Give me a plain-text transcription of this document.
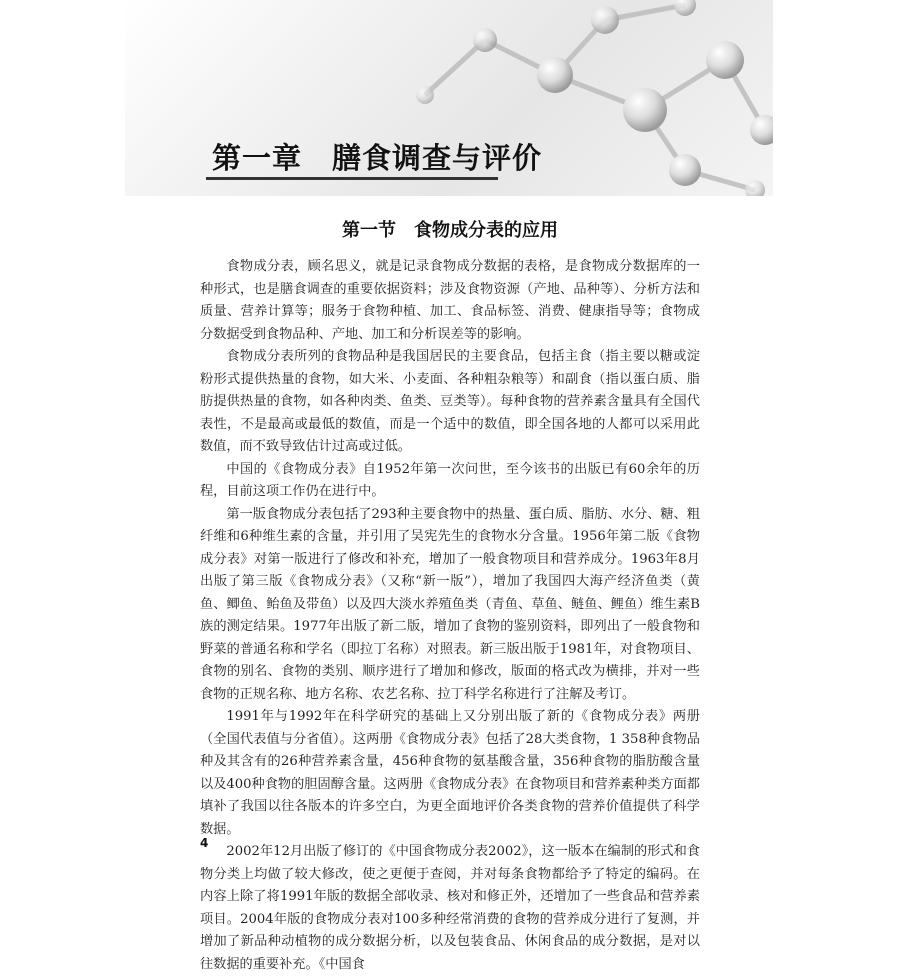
第一章　膳食调查与评价
第一节　食物成分表的应用

食物成分表，顾名思义，就是记录食物成分数据的表格，是食物成分数据库的一种形式，也是膳食调查的重要依据资料；涉及食物资源（产地、品种等）、分析方法和质量、营养计算等；服务于食物种植、加工、食品标签、消费、健康指导等；食物成分数据受到食物品种、产地、加工和分析误差等的影响。

食物成分表所列的食物品种是我国居民的主要食品，包括主食（指主要以糖或淀粉形式提供热量的食物，如大米、小麦面、各种粗杂粮等）和副食（指以蛋白质、脂肪提供热量的食物，如各种肉类、鱼类、豆类等）。每种食物的营养素含量具有全国代表性，不是最高或最低的数值，而是一个适中的数值，即全国各地的人都可以采用此数值，而不致导致估计过高或过低。

中国的《食物成分表》自1952年第一次问世，至今该书的出版已有60余年的历程，目前这项工作仍在进行中。

第一版食物成分表包括了293种主要食物中的热量、蛋白质、脂肪、水分、糖、粗纤维和6种维生素的含量，并引用了吴宪先生的食物水分含量。1956年第二版《食物成分表》对第一版进行了修改和补充，增加了一般食物项目和营养成分。1963年8月出版了第三版《食物成分表》（又称“新一版”），增加了我国四大海产经济鱼类（黄鱼、鲫鱼、鲐鱼及带鱼）以及四大淡水养殖鱼类（青鱼、草鱼、鲢鱼、鲤鱼）维生素B族的测定结果。1977年出版了新二版，增加了食物的鉴别资料，即列出了一般食物和野菜的普通名称和学名（即拉丁名称）对照表。新三版出版于1981年，对食物项目、食物的别名、食物的类别、顺序进行了增加和修改，版面的格式改为横排，并对一些食物的正规名称、地方名称、农艺名称、拉丁科学名称进行了注解及考订。

1991年与1992年在科学研究的基础上又分别出版了新的《食物成分表》两册（全国代表值与分省值）。这两册《食物成分表》包括了28大类食物，1 358种食物品种及其含有的26种营养素含量，456种食物的氨基酸含量，356种食物的脂肪酸含量以及400种食物的胆固醇含量。这两册《食物成分表》在食物项目和营养素种类方面都填补了我国以往各版本的许多空白，为更全面地评价各类食物的营养价值提供了科学数据。

2002年12月出版了修订的《中国食物成分表2002》，这一版本在编制的形式和食物分类上均做了较大修改，使之更便于查阅，并对每条食物都给予了特定的编码。在内容上除了将1991年版的数据全部收录、核对和修正外，还增加了一些食品和营养素项目。2004年版的食物成分表对100多种经常消费的食物的营养成分进行了复测，并增加了新品种动植物的成分数据分析，以及包装食品、休闲食品的成分数据，是对以往数据的重要补充。《中国食

4
